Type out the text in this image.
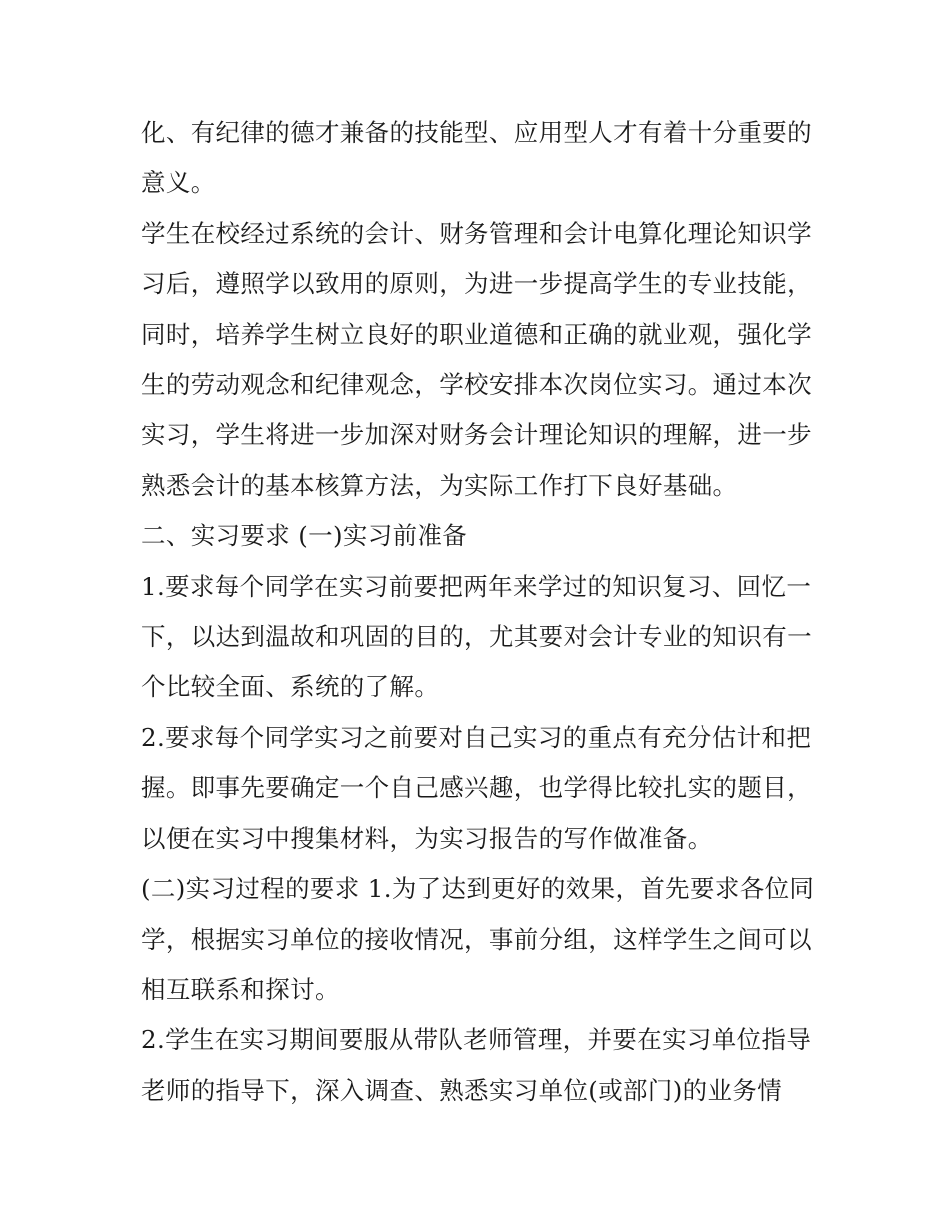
化、有纪律的德才兼备的技能型、应用型人才有着十分重要的
意义。

学生在校经过系统的会计、财务管理和会计电算化理论知识学
习后，遵照学以致用的原则，为进一步提高学生的专业技能，
同时，培养学生树立良好的职业道德和正确的就业观，强化学
生的劳动观念和纪律观念，学校安排本次岗位实习。通过本次
实习，学生将进一步加深对财务会计理论知识的理解，进一步
熟悉会计的基本核算方法，为实际工作打下良好基础。

二、实习要求 (一)实习前准备

1.要求每个同学在实习前要把两年来学过的知识复习、回忆一
下，以达到温故和巩固的目的，尤其要对会计专业的知识有一
个比较全面、系统的了解。

2.要求每个同学实习之前要对自己实习的重点有充分估计和把
握。即事先要确定一个自己感兴趣，也学得比较扎实的题目，
以便在实习中搜集材料，为实习报告的写作做准备。

(二)实习过程的要求 1.为了达到更好的效果，首先要求各位同
学，根据实习单位的接收情况，事前分组，这样学生之间可以
相互联系和探讨。

2.学生在实习期间要服从带队老师管理，并要在实习单位指导
老师的指导下，深入调查、熟悉实习单位(或部门)的业务情
